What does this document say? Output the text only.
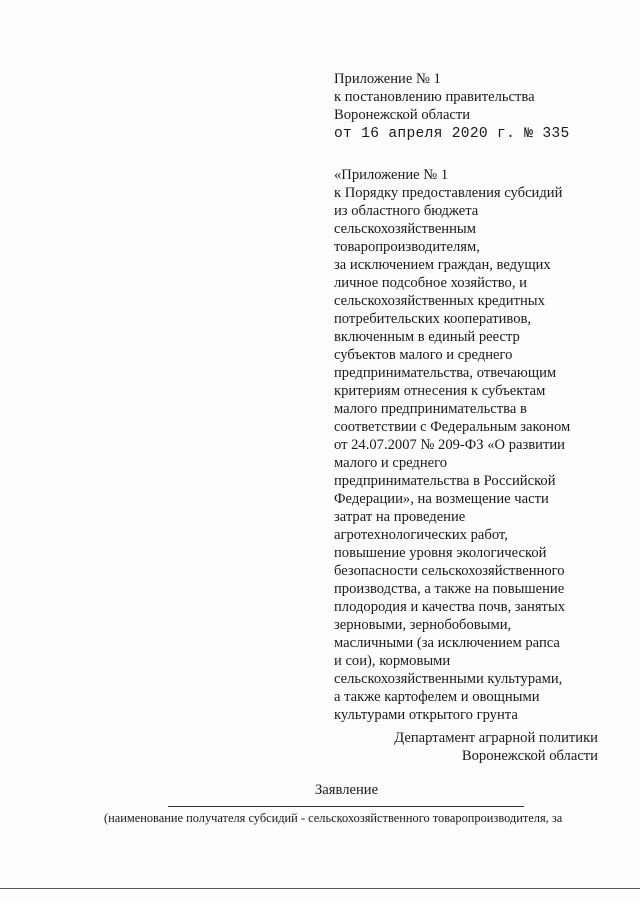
Приложение № 1
к постановлению правительства
Воронежской области
от 16 апреля 2020 г. № 335
«Приложение № 1
к Порядку предоставления субсидий
из областного бюджета
сельскохозяйственным
товаропроизводителям,
за исключением граждан, ведущих
личное подсобное хозяйство, и
сельскохозяйственных кредитных
потребительских кооперативов,
включенным в единый реестр
субъектов малого и среднего
предпринимательства, отвечающим
критериям отнесения к субъектам
малого предпринимательства в
соответствии с Федеральным законом
от 24.07.2007 № 209-ФЗ «О развитии
малого и среднего
предпринимательства в Российской
Федерации», на возмещение части
затрат на проведение
агротехнологических работ,
повышение уровня экологической
безопасности сельскохозяйственного
производства, а также на повышение
плодородия и качества почв, занятых
зерновыми, зернобобовыми,
масличными (за исключением рапса
и сои), кормовыми
сельскохозяйственными культурами,
а также картофелем и овощными
культурами открытого грунта
Департамент аграрной политики
Воронежской области
Заявление
(наименование получателя субсидий - сельскохозяйственного товаропроизводителя, за
